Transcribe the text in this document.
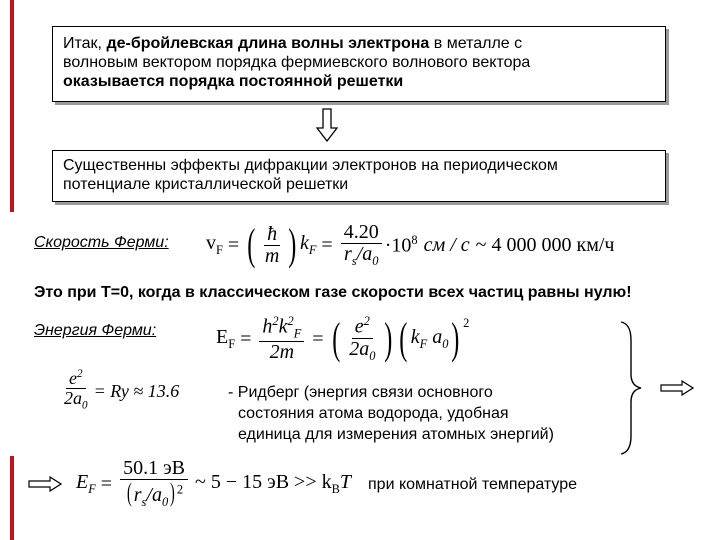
Итак, де-бройлевская длина волны электрона в металле с
волновым вектором порядка фермиевского волнового вектора
оказывается порядка постоянной решетки
Существенны эффекты дифракции электронов на периодическом
потенциале кристаллической решетки
Скорость Ферми: $v_F$ = ( $\frac{ħ}{m}$ ) $k_F = \frac{4.20}{r_s/a_0} \cdot 10^8$ см / с ~ 4 000 000 км/ч
Это при T=0, когда в классическом газе скорости всех частиц равны нулю!
Энергия Ферми:	$E_F = \frac{h^2k^2_F}{2m}$ = ( $\frac{e^2}{2a_0}$ ) ( $k_F$ $a_0$ ) $^2$
$\frac{e^2}{2a_0} = Ry \approx 13.6$	- Ридберг (энергия связи основного
состояния атома водорода, удобная
единица для измерения атомных энергий)
$E_F = \frac{50.1 эВ}{(r_s/a_0) ^2}$ ~ 5 − 15 эВ >> $k_BT$ при комнатной температуре
